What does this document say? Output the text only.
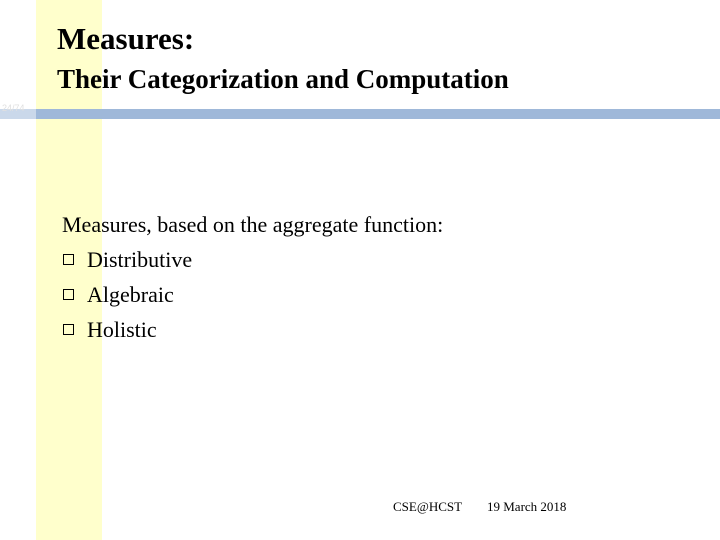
24/74
Measures:
Their Categorization and Computation
Measures, based on the aggregate function:
Distributive
Algebraic
Holistic
CSE@HCST 19 March 2018
